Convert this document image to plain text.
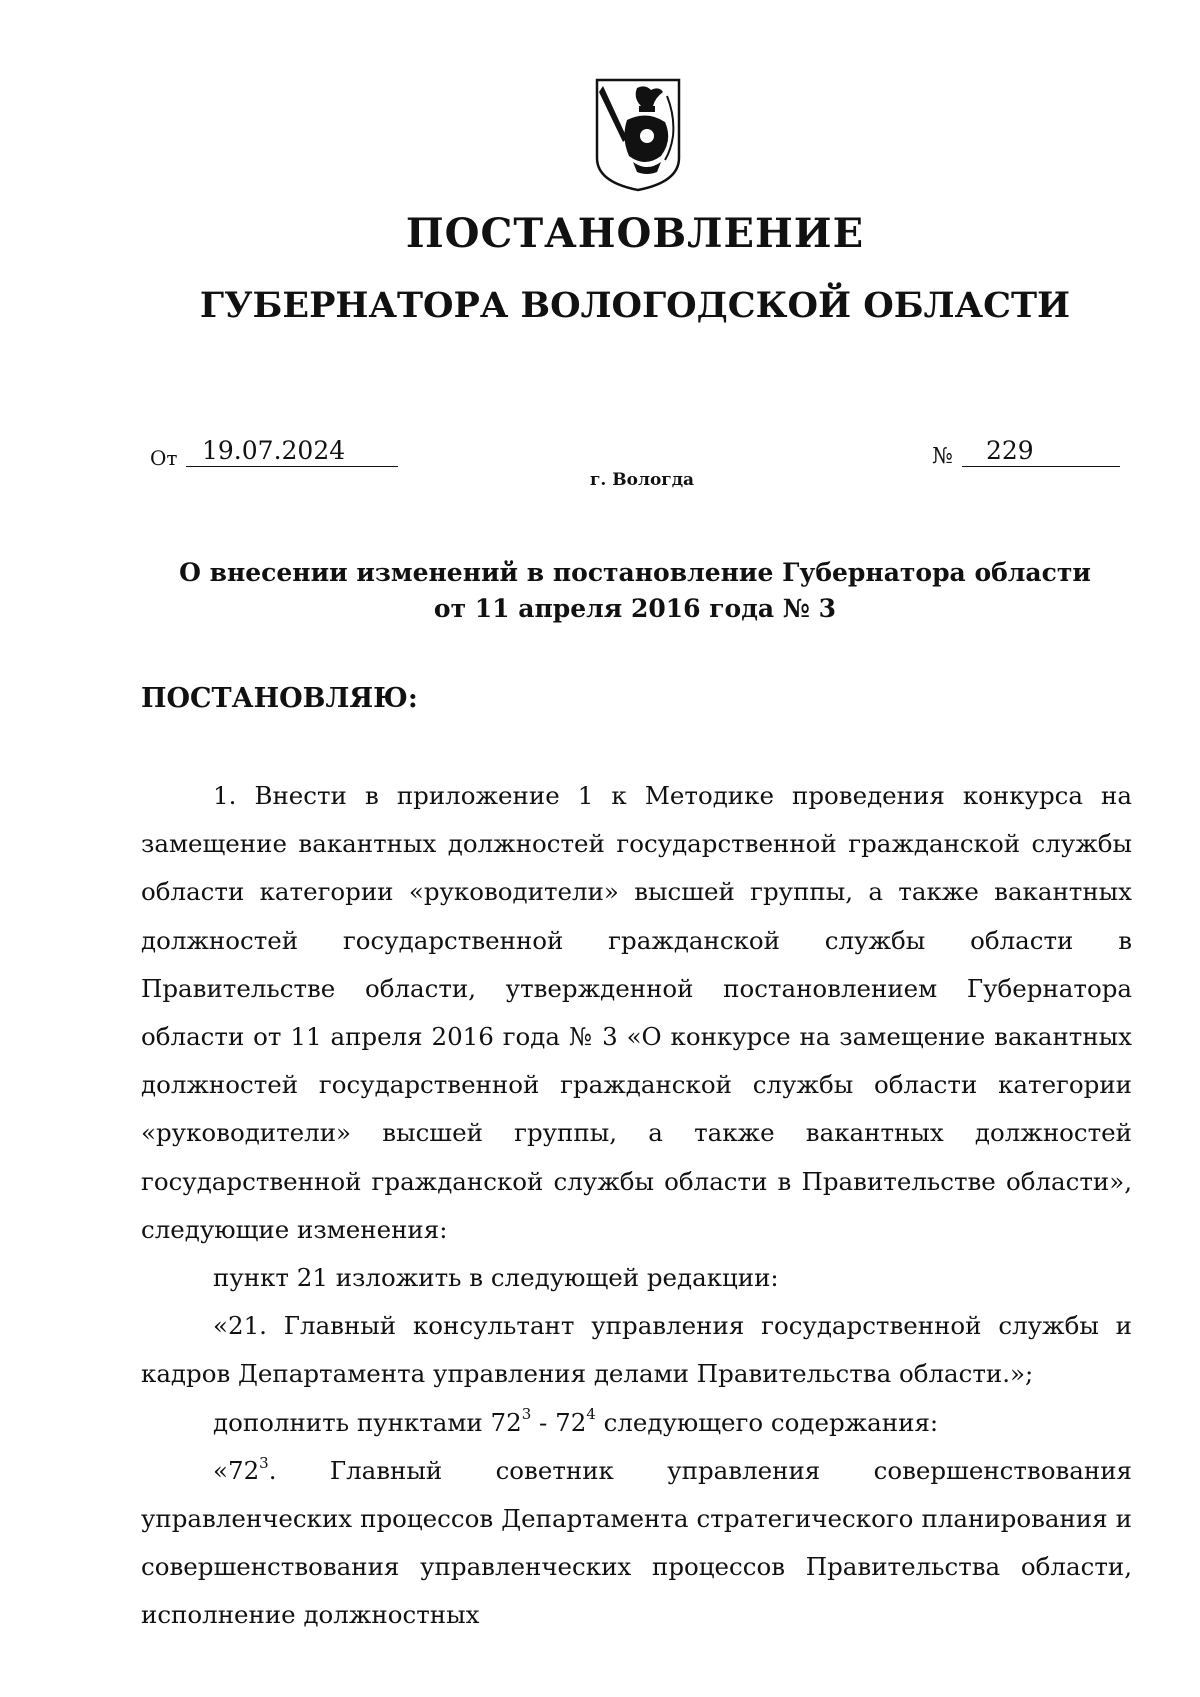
ПОСТАНОВЛЕНИЕ
ГУБЕРНАТОРА ВОЛОГОДСКОЙ ОБЛАСТИ
От 19.07.2024	№	229
г. Вологда
О внесении изменений в постановление Губернатора области
от 11 апреля 2016 года № 3
ПОСТАНОВЛЯЮ:

1. Внести в приложение 1 к Методике проведения конкурса на замещение вакантных должностей государственной гражданской службы области категории «руководители» высшей группы, а также вакантных должностей государственной гражданской службы области в Правительстве области, утвержденной постановлением Губернатора области от 11 апреля 2016 года № 3 «О конкурсе на замещение вакантных должностей государственной гражданской службы области категории «руководители» высшей группы, а также вакантных должностей государственной гражданской службы области в Правительстве области», следующие изменения:

пункт 21 изложить в следующей редакции:

«21. Главный консультант управления государственной службы и кадров Департамента управления делами Правительства области.»;

дополнить пунктами $72^3 - 72^4$ следующего содержания:

«$72^3$. Главный советник управления совершенствования управленческих процессов Департамента стратегического планирования и совершенствования управленческих процессов Правительства области, исполнение должностных
